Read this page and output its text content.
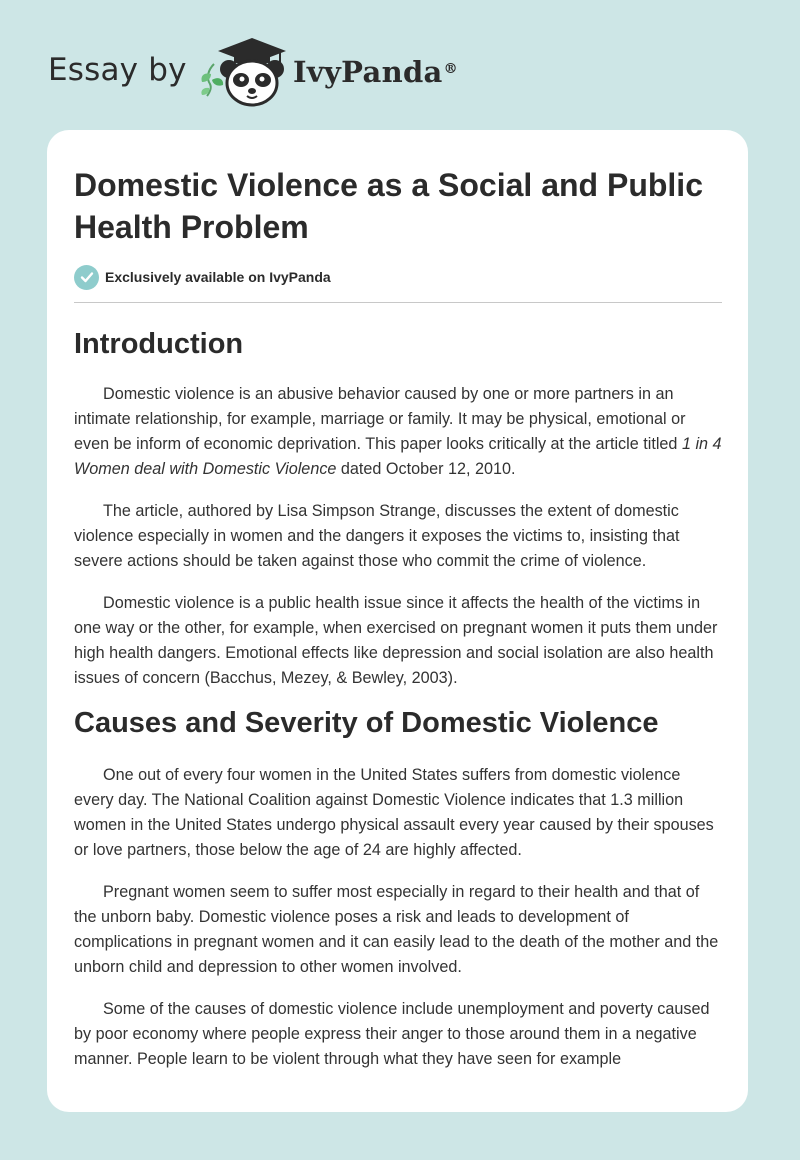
Essay by	IvyPanda®
Domestic Violence as a Social and Public Health Problem
Exclusively available on IvyPanda
Introduction

Domestic violence is an abusive behavior caused by one or more partners in an intimate relationship, for example, marriage or family. It may be physical, emotional or even be inform of economic deprivation. This paper looks critically at the article titled 1 in 4 Women deal with Domestic Violence dated October 12, 2010.

The article, authored by Lisa Simpson Strange, discusses the extent of domestic violence especially in women and the dangers it exposes the victims to, insisting that severe actions should be taken against those who commit the crime of violence.

Domestic violence is a public health issue since it affects the health of the victims in one way or the other, for example, when exercised on pregnant women it puts them under high health dangers. Emotional effects like depression and social isolation are also health issues of concern (Bacchus, Mezey, & Bewley, 2003).

Causes and Severity of Domestic Violence

One out of every four women in the United States suffers from domestic violence every day. The National Coalition against Domestic Violence indicates that 1.3 million women in the United States undergo physical assault every year caused by their spouses or love partners, those below the age of 24 are highly affected.

Pregnant women seem to suffer most especially in regard to their health and that of the unborn baby. Domestic violence poses a risk and leads to development of complications in pregnant women and it can easily lead to the death of the mother and the unborn child and depression to other women involved.

Some of the causes of domestic violence include unemployment and poverty caused by poor economy where people express their anger to those around them in a negative manner. People learn to be violent through what they have seen for example
